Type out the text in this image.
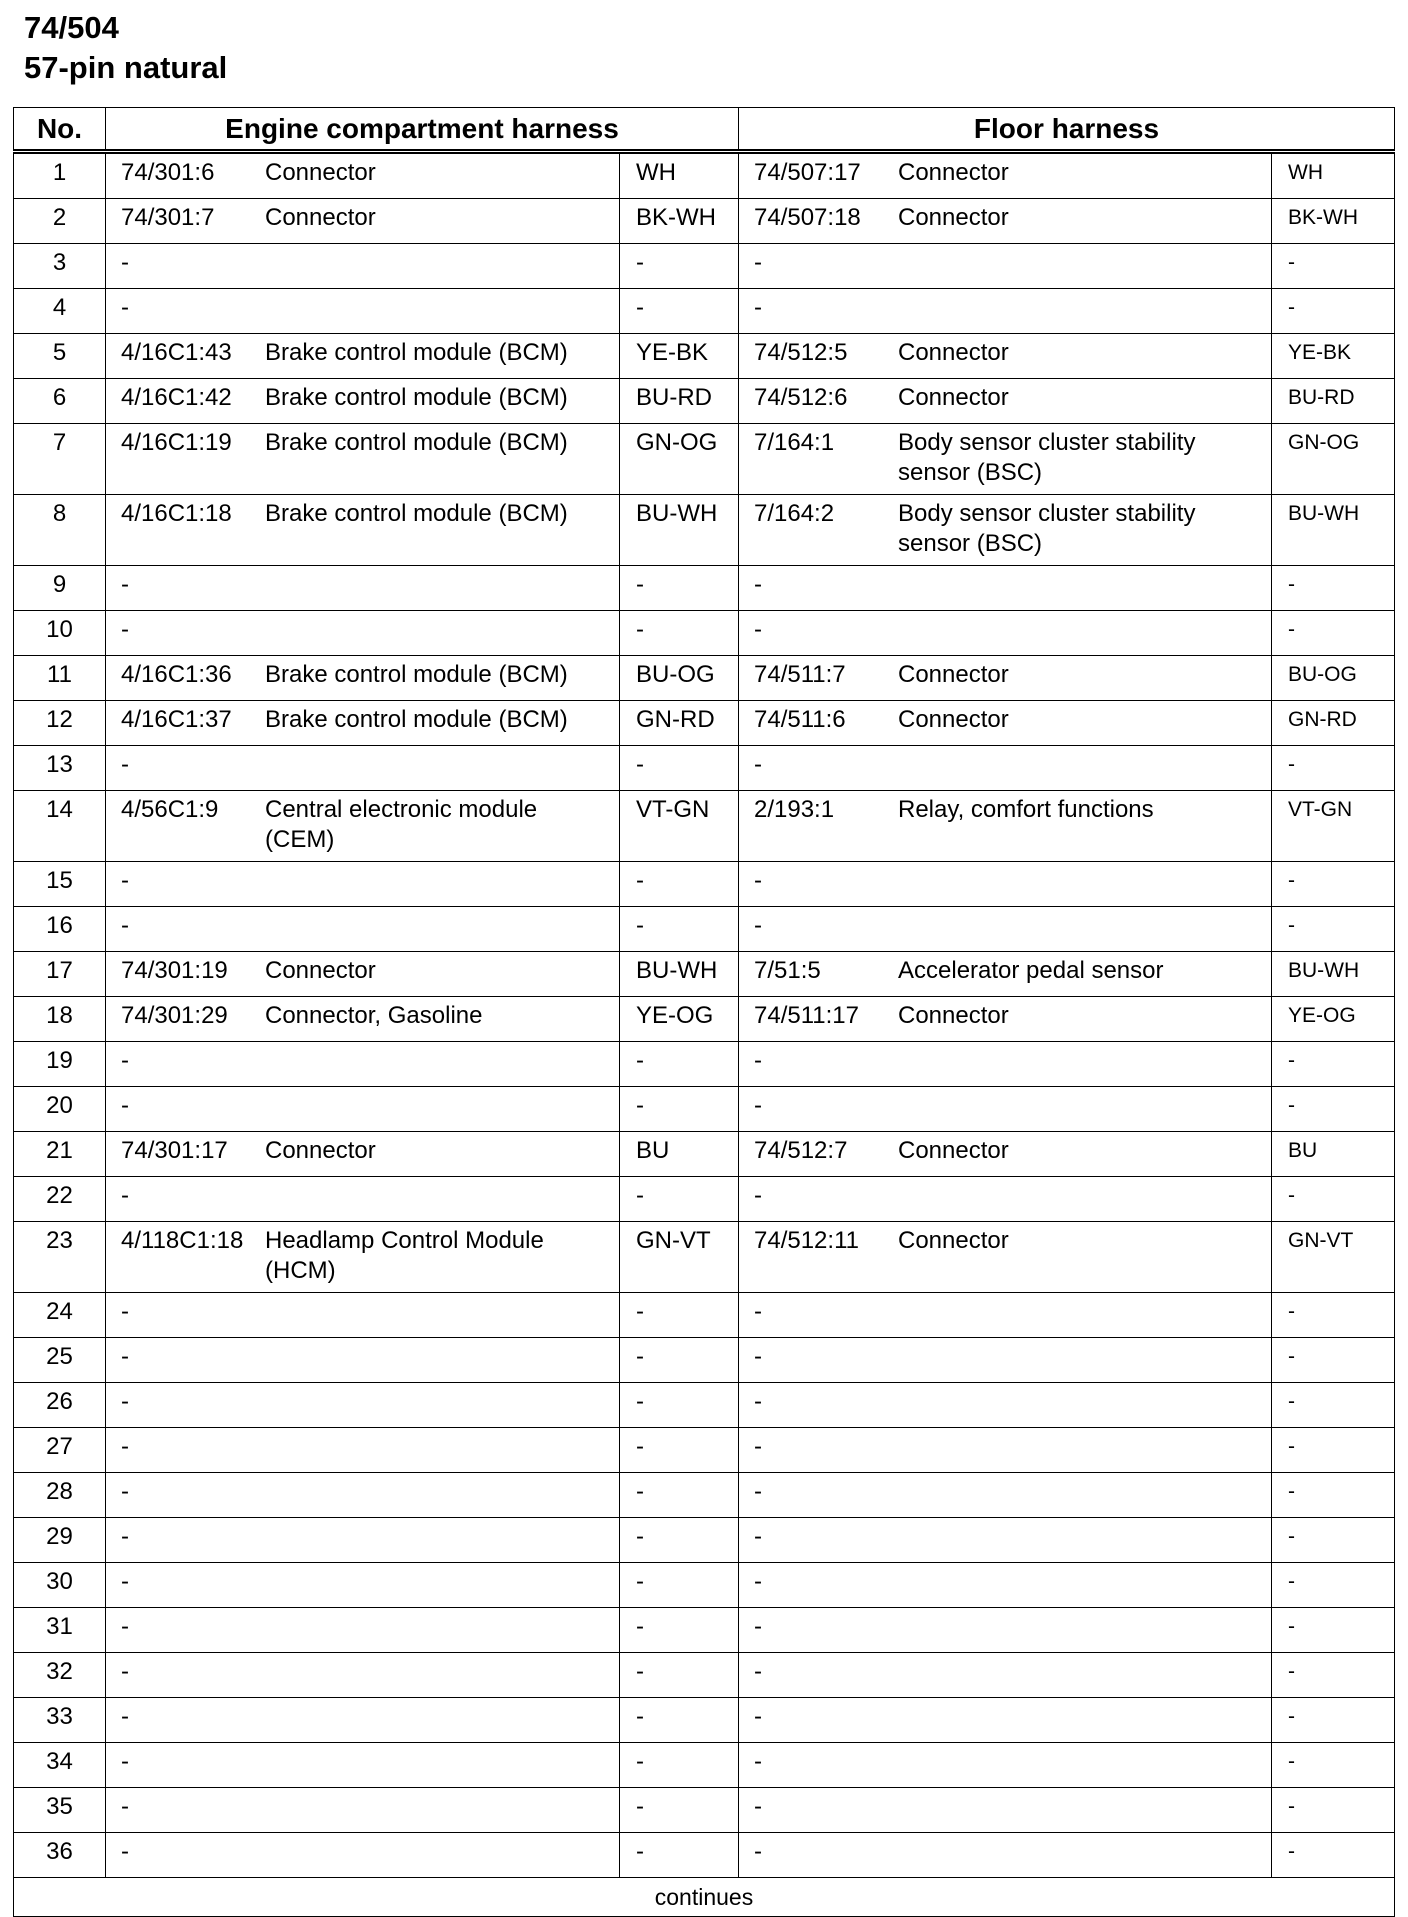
74/504
57-pin natural
No.	Engine compartment harness		Floor harness	
1	74/301:6 Connector	WH	74/507:17 Connector	WH
2	74/301:7 Connector	BK-WH	74/507:18 Connector	BK-WH
3	-	-	-	-
4	-	-	-	-
5	4/16C1:43 Brake control module (BCM)	YE-BK	74/512:5 Connector	YE-BK
6	4/16C1:42 Brake control module (BCM)	BU-RD	74/512:6 Connector	BU-RD
7	4/16C1:19 Brake control module (BCM)	GN-OG	7/164:1 Body sensor cluster stability sensor (BSC)	GN-OG
8	4/16C1:18 Brake control module (BCM)	BU-WH	7/164:2 Body sensor cluster stability sensor (BSC)	BU-WH
9	-	-	-	-
10	-	-	-	-
11	4/16C1:36 Brake control module (BCM)	BU-OG	74/511:7 Connector	BU-OG
12	4/16C1:37 Brake control module (BCM)	GN-RD	74/511:6 Connector	GN-RD
13	-	-	-	-
14	4/56C1:9 Central electronic module (CEM)	VT-GN	2/193:1 Relay, comfort functions	VT-GN
15	-	-	-	-
16	-	-	-	-
17	74/301:19 Connector	BU-WH	7/51:5 Accelerator pedal sensor	BU-WH
18	74/301:29 Connector, Gasoline	YE-OG	74/511:17 Connector	YE-OG
19	-	-	-	-
20	-	-	-	-
21	74/301:17 Connector	BU	74/512:7 Connector	BU
22	-	-	-	-
23	4/118C1:18 Headlamp Control Module (HCM)	GN-VT	74/512:11 Connector	GN-VT
24	-	-	-	-
25	-	-	-	-
26	-	-	-	-
27	-	-	-	-
28	-	-	-	-
29	-	-	-	-
30	-	-	-	-
31	-	-	-	-
32	-	-	-	-
33	-	-	-	-
34	-	-	-	-
35	-	-	-	-
36	-	-	-	-
continues				
